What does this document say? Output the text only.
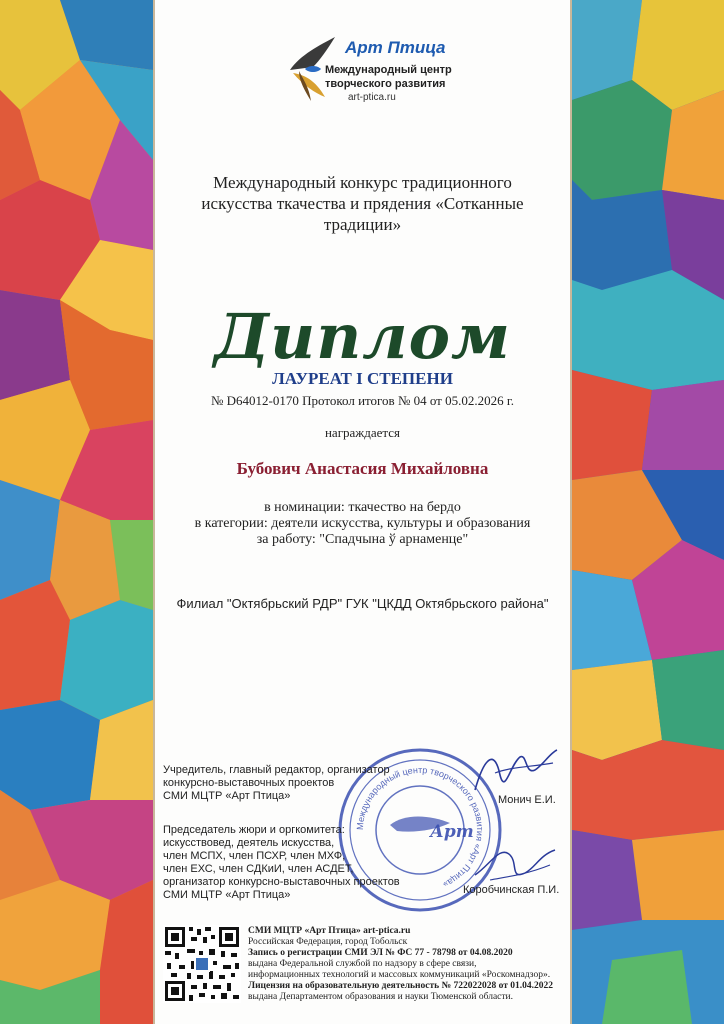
Арт Птица
Международный центр
творческого развития
art-ptica.ru
Международный конкурс традиционного
искусства ткачества и прядения «Сотканные
традиции»
Диплом
ЛАУРЕАТ I СТЕПЕНИ
№ D64012-0170 Протокол итогов № 04 от 05.02.2026 г.
награждается
Бубович Анастасия Михайловна
в номинации: ткачество на бердо
в категории: деятели искусства, культуры и образования
за работу: "Спадчына ў арнаменце"
Филиал "Октябрьский РДР" ГУК "ЦКДД Октябрьского района"
Международный центр творческого развития «Арт Птица»
Арт
Учредитель, главный редактор, организатор
конкурсно-выставочных проектов
СМИ МЦТР «Арт Птица»	Монич Е.И.
Председатель жюри и оргкомитета:
искусствовед, деятель искусства,
член МСПХ, член ПСХР, член МХФ,
член ЕХС, член СДКиИ, член АСДЕТ,
организатор конкурсно-выставочных проектов
СМИ МЦТР «Арт Птица»	Коробчинская П.И.
СМИ МЦТР «Арт Птица» art-ptica.ru
Российская Федерация, город Тобольск
Запись о регистрации СМИ ЭЛ № ФС 77 - 78798 от 04.08.2020
выдана Федеральной службой по надзору в сфере связи,
информационных технологий и массовых коммуникаций «Роскомнадзор».
Лицензия на образовательную деятельность № 722022028 от 01.04.2022
выдана Департаментом образования и науки Тюменской области.
